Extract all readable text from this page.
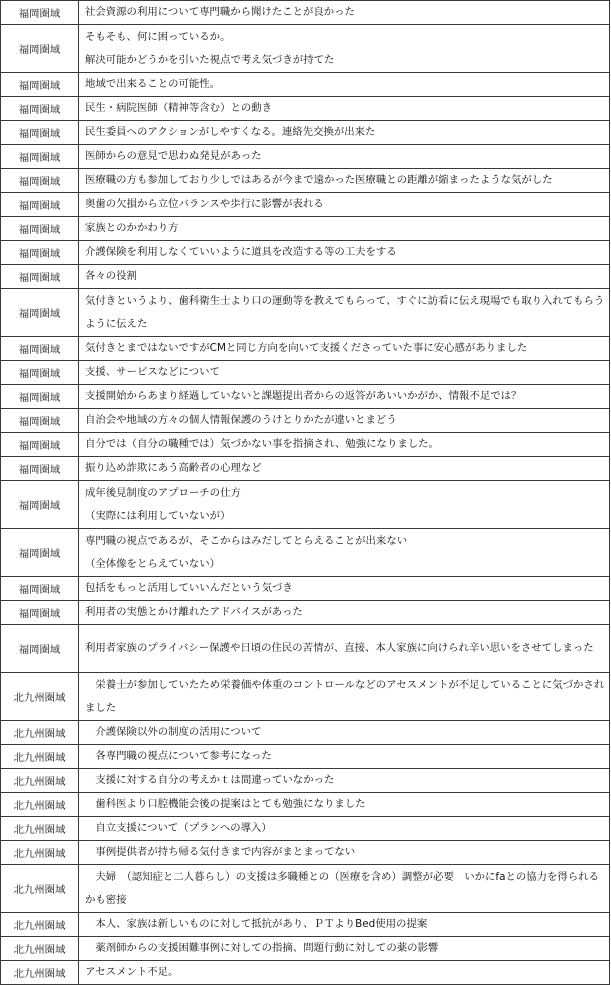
福岡圏域	社会資源の利用について専門職から聞けたことが良かった
福岡圏域	そもそも、何に困っているか。
解決可能かどうかを引いた視点で考え気づきが持てた
福岡圏域	地域で出来ることの可能性。
福岡圏域	民生・病院医師（精神等含む）との動き
福岡圏域	民生委員へのアクションがしやすくなる。連絡先交換が出来た
福岡圏域	医師からの意見で思わぬ発見があった
福岡圏域	医療職の方も参加しており少しではあるが今まで遠かった医療職との距離が縮まったような気がした
福岡圏域	奥歯の欠損から立位バランスや歩行に影響が表れる
福岡圏域	家族とのかかわり方
福岡圏域	介護保険を利用しなくていいように道具を改造する等の工夫をする
福岡圏域	各々の役割
福岡圏域	気付きというより、歯科衛生士より口の運動等を教えてもらって、すぐに訪看に伝え現場でも取り入れてもらうように伝えた
福岡圏域	気付きとまではないですがCMと同じ方向を向いて支援くださっていた事に安心感がありました
福岡圏域	支援、サービスなどについて
福岡圏域	支援開始からあまり経過していないと課題提出者からの返答があいいかがか、情報不足では？
福岡圏域	自治会や地域の方々の個人情報保護のうけとりかたが違いとまどう
福岡圏域	自分では（自分の職種では）気づかない事を指摘され、勉強になりました。
福岡圏域	振り込め詐欺にあう高齢者の心理など
福岡圏域	成年後見制度のアプローチの仕方
（実際には利用していないが）
福岡圏域	専門職の視点であるが、そこからはみだしてとらえることが出来ない
（全体像をとらえていない）
福岡圏域	包括をもっと活用していいんだという気づき
福岡圏域	利用者の実態とかけ離れたアドバイスがあった
福岡圏域	利用者家族のプライバシー保護や日頃の住民の苦情が、直接、本人家族に向けられ辛い思いをさせてしまった
北九州圏域	　栄養士が参加していたため栄養価や体重のコントロールなどのアセスメントが不足していることに気づかされました
北九州圏域	　介護保険以外の制度の活用について
北九州圏域	　各専門職の視点について参考になった
北九州圏域	　支援に対する自分の考えかｔは間違っていなかった
北九州圏域	　歯科医より口腔機能会後の提案はとても勉強になりました
北九州圏域	　自立支援について（プランへの導入）
北九州圏域	　事例提供者が持ち帰る気付きまで内容がまとまってない
北九州圏域	　夫婦　（認知症と二人暮らし）の支援は多職種との（医療を含め）調整が必要　いかにfaとの協力を得られるかも密接
北九州圏域	　本人、家族は新しいものに対して抵抗があり、ＰＴよりBed使用の提案
北九州圏域	　薬剤師からの支援困難事例に対しての指摘、問題行動に対しての薬の影響
北九州圏域	アセスメント不足。
